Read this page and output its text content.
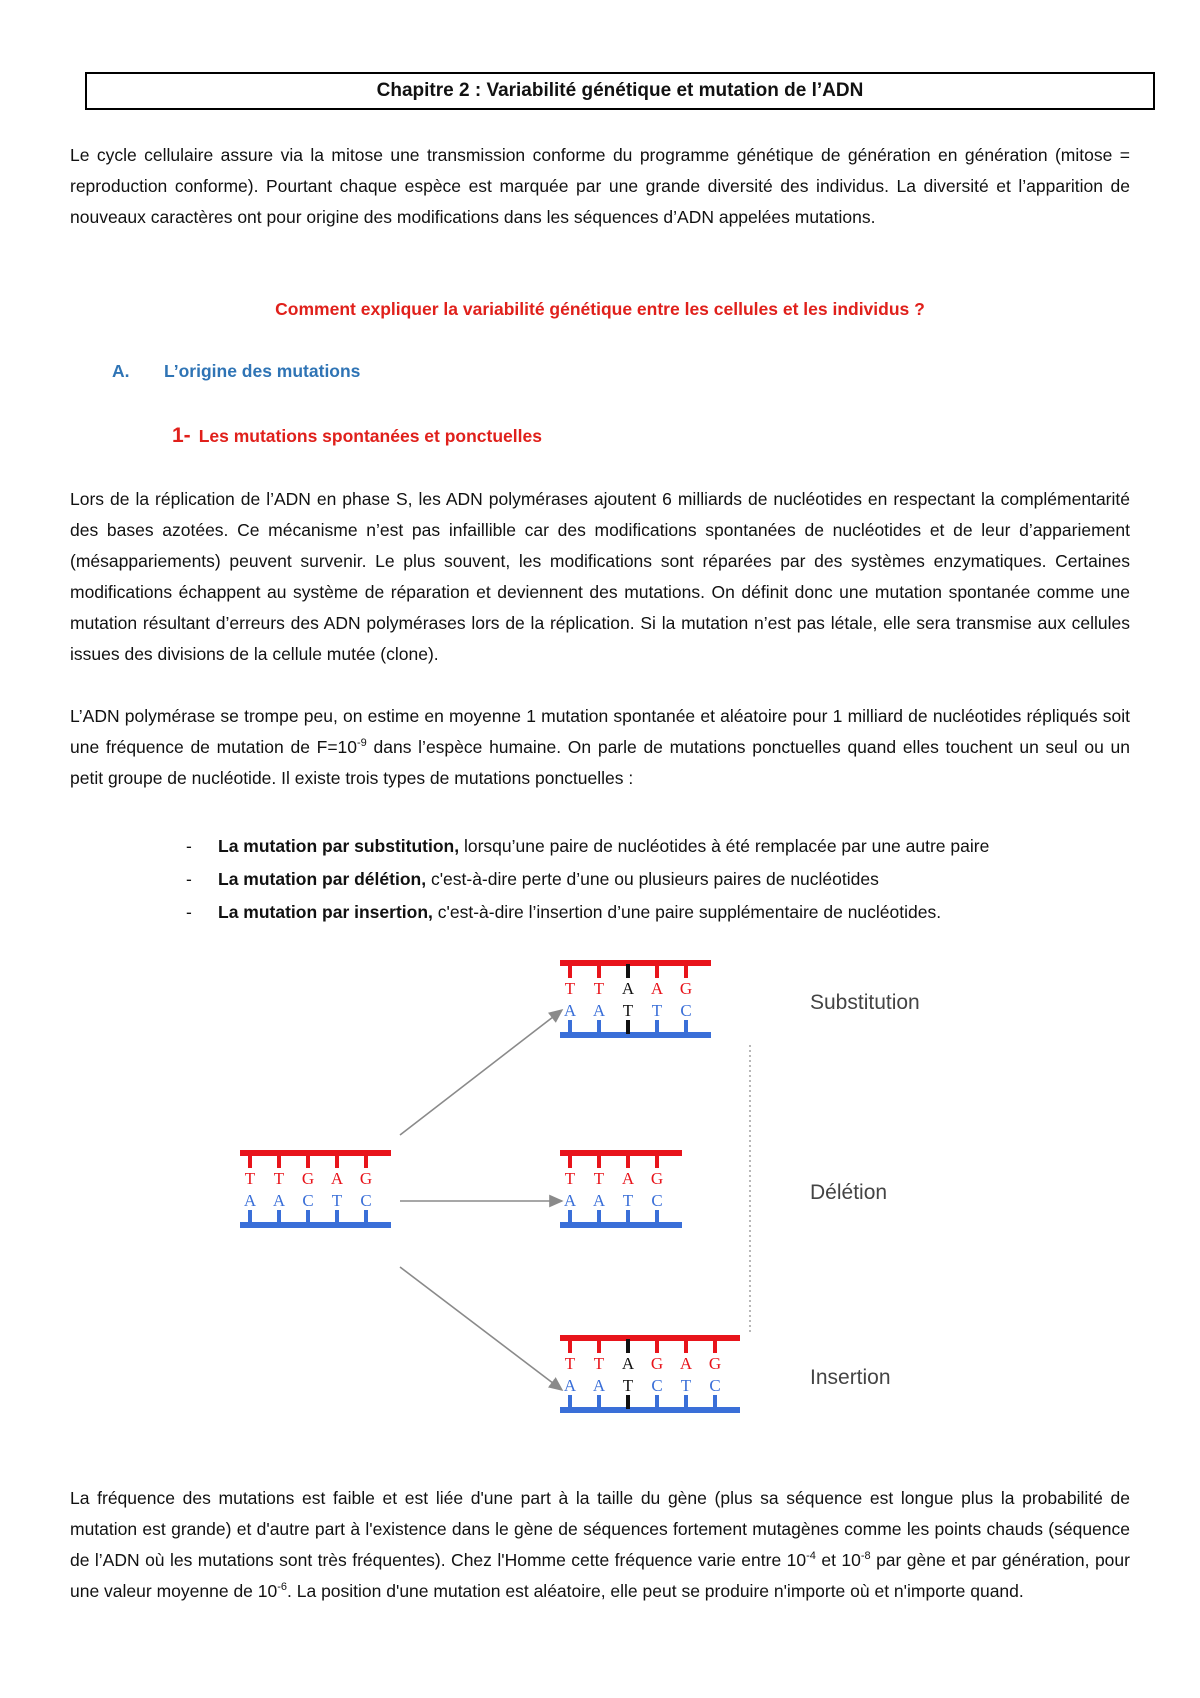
Chapitre 2 : Variabilité génétique et mutation de l’ADN

Le cycle cellulaire assure via la mitose une transmission conforme du programme génétique de génération en génération (mitose = reproduction conforme). Pourtant chaque espèce est marquée par une grande diversité des individus. La diversité et l’apparition de nouveaux caractères ont pour origine des modifications dans les séquences d’ADN appelées mutations.

Comment expliquer la variabilité génétique entre les cellules et les individus ?
A. L’origine des mutations
1- Les mutations spontanées et ponctuelles

Lors de la réplication de l’ADN en phase S, les ADN polymérases ajoutent 6 milliards de nucléotides en respectant la complémentarité des bases azotées. Ce mécanisme n’est pas infaillible car des modifications spontanées de nucléotides et de leur d’appariement (mésappariements) peuvent survenir. Le plus souvent, les modifications sont réparées par des systèmes enzymatiques. Certaines modifications échappent au système de réparation et deviennent des mutations. On définit donc une mutation spontanée comme une mutation résultant d’erreurs des ADN polymérases lors de la réplication. Si la mutation n’est pas létale, elle sera transmise aux cellules issues des divisions de la cellule mutée (clone).

L’ADN polymérase se trompe peu, on estime en moyenne 1 mutation spontanée et aléatoire pour 1 milliard de nucléotides répliqués soit une fréquence de mutation de $F=10^{-9}$ dans l’espèce humaine. On parle de mutations ponctuelles quand elles touchent un seul ou un petit groupe de nucléotide. Il existe trois types de mutations ponctuelles :

- La mutation par substitution, lorsqu’une paire de nucléotides à été remplacée par une autre paire
- La mutation par délétion, c'est-à-dire perte d’une ou plusieurs paires de nucléotides
- La mutation par insertion, c'est-à-dire l’insertion d’une paire supplémentaire de nucléotides.
T
A
T
A
G
C
A
T
G
C
T
A
T
A
A
T
A
T
G
C	Substitution
T
A
T
A
A
T
G
C	Délétion
T
A
T
A
A
T
G
C
A
T
G
C	Insertion

La fréquence des mutations est faible et est liée d'une part à la taille du gène (plus sa séquence est longue plus la probabilité de mutation est grande) et d'autre part à l'existence dans le gène de séquences fortement mutagènes comme les points chauds (séquence de l’ADN où les mutations sont très fréquentes). Chez l'Homme cette fréquence varie entre $10^{-4}$ et $10^{-8}$ par gène et par génération, pour une valeur moyenne de $10^{-6}$. La position d'une mutation est aléatoire, elle peut se produire n'importe où et n'importe quand.
